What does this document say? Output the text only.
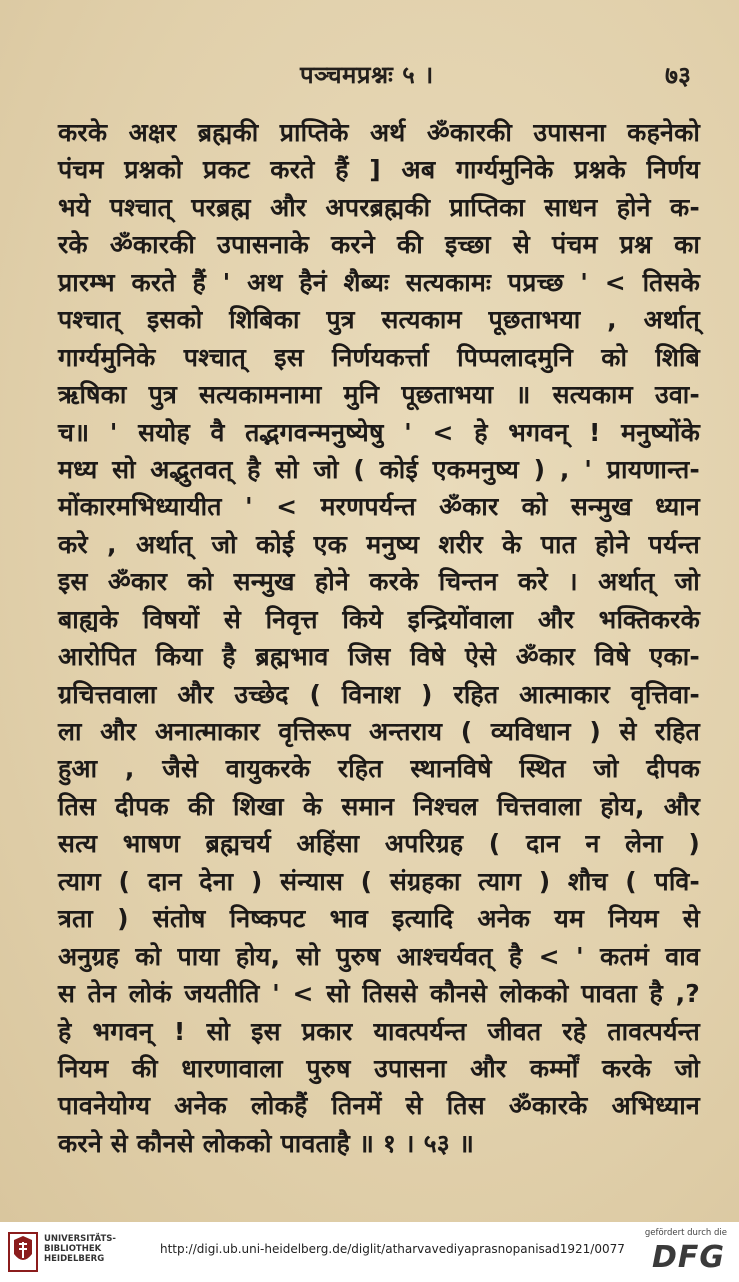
पञ्चमप्रश्नः ५ ।	७३
करके अक्षर ब्रह्मकी प्राप्तिके अर्थ ॐकारकी उपासना कहनेको
पंचम प्रश्नको प्रकट करते हैं ] अब गार्ग्यमुनिके प्रश्नके निर्णय
भये पश्चात् परब्रह्म और अपरब्रह्मकी प्राप्तिका साधन होने क-
रके ॐकारकी उपासनाके करने की इच्छा से पंचम प्रश्न का
प्रारम्भ करते हैं ' अथ हैनं शैब्यः सत्यकामः पप्रच्छ ' < तिसके
पश्चात् इसको शिबिका पुत्र सत्यकाम पूछताभया , अर्थात्
गार्ग्यमुनिके पश्चात् इस निर्णयकर्त्ता पिप्पलादमुनि को शिबि
ऋषिका पुत्र सत्यकामनामा मुनि पूछताभया ॥ सत्यकाम उवा-
च॥ ' सयोह वै तद्भगवन्मनुष्येषु ' < हे भगवन् ! मनुष्योंके
मध्य सो अद्भुतवत् है सो जो ( कोई एकमनुष्य ) , ' प्रायणान्त-
मोंकारमभिध्यायीत ' < मरणपर्यन्त ॐकार को सन्मुख ध्यान
करे , अर्थात् जो कोई एक मनुष्य शरीर के पात होने पर्यन्त
इस ॐकार को सन्मुख होने करके चिन्तन करे । अर्थात् जो
बाह्यके विषयों से निवृत्त किये इन्द्रियोंवाला और भक्तिकरके
आरोपित किया है ब्रह्मभाव जिस विषे ऐसे ॐकार विषे एका-
ग्रचित्तवाला और उच्छेद ( विनाश ) रहित आत्माकार वृत्तिवा-
ला और अनात्माकार वृत्तिरूप अन्तराय ( व्यविधान ) से रहित
हुआ , जैसे वायुकरके रहित स्थानविषे स्थित जो दीपक
तिस दीपक की शिखा के समान निश्चल चित्तवाला होय, और
सत्य भाषण ब्रह्मचर्य अहिंसा अपरिग्रह ( दान न लेना )
त्याग ( दान देना ) संन्यास ( संग्रहका त्याग ) शौच ( पवि-
त्रता ) संतोष निष्कपट भाव इत्यादि अनेक यम नियम से
अनुग्रह को पाया होय, सो पुरुष आश्चर्यवत् है < ' कतमं वाव
स तेन लोकं जयतीति ' < सो तिससे कौनसे लोकको पावता है ,?
हे भगवन् ! सो इस प्रकार यावत्पर्यन्त जीवत रहे तावत्पर्यन्त
नियम की धारणावाला पुरुष उपासना और कर्म्मों करके जो
पावनेयोग्य अनेक लोकहैं तिनमें से तिस ॐकारके अभिध्यान
करने से कौनसे लोकको पावताहै ॥ १ । ५३ ॥
UNIVERSITÄTS-
BIBLIOTHEK
HEIDELBERG
http://digi.ub.uni-heidelberg.de/diglit/atharvavediyaprasnopanisad1921/0077
gefördert durch die
DFG
